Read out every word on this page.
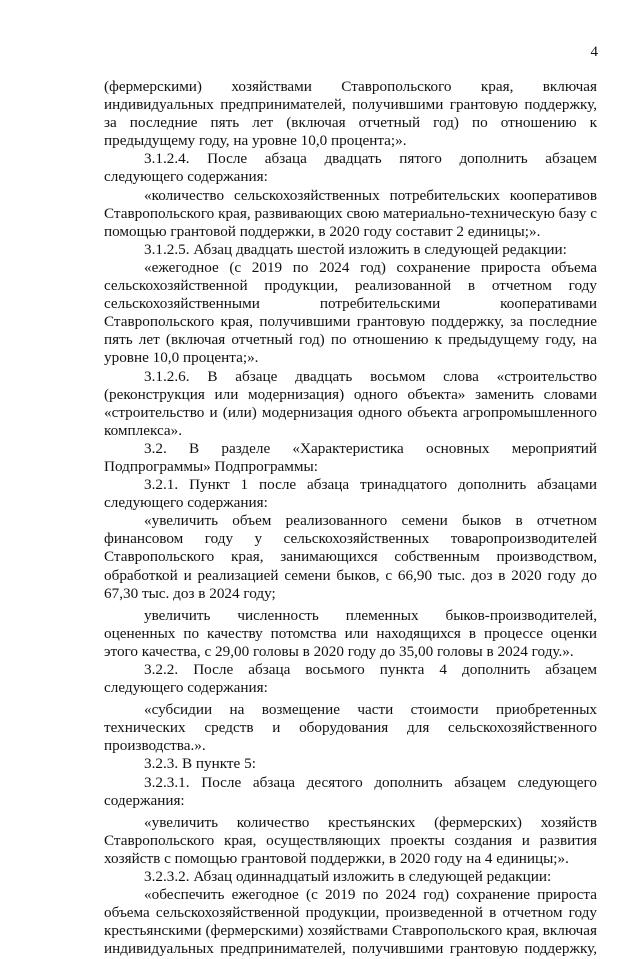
4

(фермерскими) хозяйствами Ставропольского края, включая индивидуальных предпринимателей, получившими грантовую поддержку, за последние пять лет (включая отчетный год) по отношению к предыдущему году, на уровне 10,0 процента;».

3.1.2.4. После абзаца двадцать пятого дополнить абзацем следующего содержания:

«количество сельскохозяйственных потребительских кооперативов Ставропольского края, развивающих свою материально-техническую базу с помощью грантовой поддержки, в 2020 году составит 2 единицы;».

3.1.2.5. Абзац двадцать шестой изложить в следующей редакции:

«ежегодное (с 2019 по 2024 год) сохранение прироста объема сельскохозяйственной продукции, реализованной в отчетном году сельскохозяйственными потребительскими кооперативами Ставропольского края, получившими грантовую поддержку, за последние пять лет (включая отчетный год) по отношению к предыдущему году, на уровне 10,0 процента;».

3.1.2.6. В абзаце двадцать восьмом слова «строительство (реконструкция или модернизация) одного объекта» заменить словами «строительство и (или) модернизация одного объекта агропромышленного комплекса».

3.2. В разделе «Характеристика основных мероприятий Подпрограммы» Подпрограммы:

3.2.1. Пункт 1 после абзаца тринадцатого дополнить абзацами следующего содержания:

«увеличить объем реализованного семени быков в отчетном финансовом году у сельскохозяйственных товаропроизводителей Ставропольского края, занимающихся собственным производством, обработкой и реализацией семени быков, с 66,90 тыс. доз в 2020 году до 67,30 тыс. доз в 2024 году;

увеличить численность племенных быков-производителей, оцененных по качеству потомства или находящихся в процессе оценки этого качества, с 29,00 головы в 2020 году до 35,00 головы в 2024 году.».

3.2.2. После абзаца восьмого пункта 4 дополнить абзацем следующего содержания:

«субсидии на возмещение части стоимости приобретенных технических средств и оборудования для сельскохозяйственного производства.».

3.2.3. В пункте 5:

3.2.3.1. После абзаца десятого дополнить абзацем следующего содержания:

«увеличить количество крестьянских (фермерских) хозяйств Ставропольского края, осуществляющих проекты создания и развития хозяйств с помощью грантовой поддержки, в 2020 году на 4 единицы;».

3.2.3.2. Абзац одиннадцатый изложить в следующей редакции:

«обеспечить ежегодное (с 2019 по 2024 год) сохранение прироста объема сельскохозяйственной продукции, произведенной в отчетном году крестьянскими (фермерскими) хозяйствами Ставропольского края, включая индивидуальных предпринимателей, получившими грантовую поддержку,
